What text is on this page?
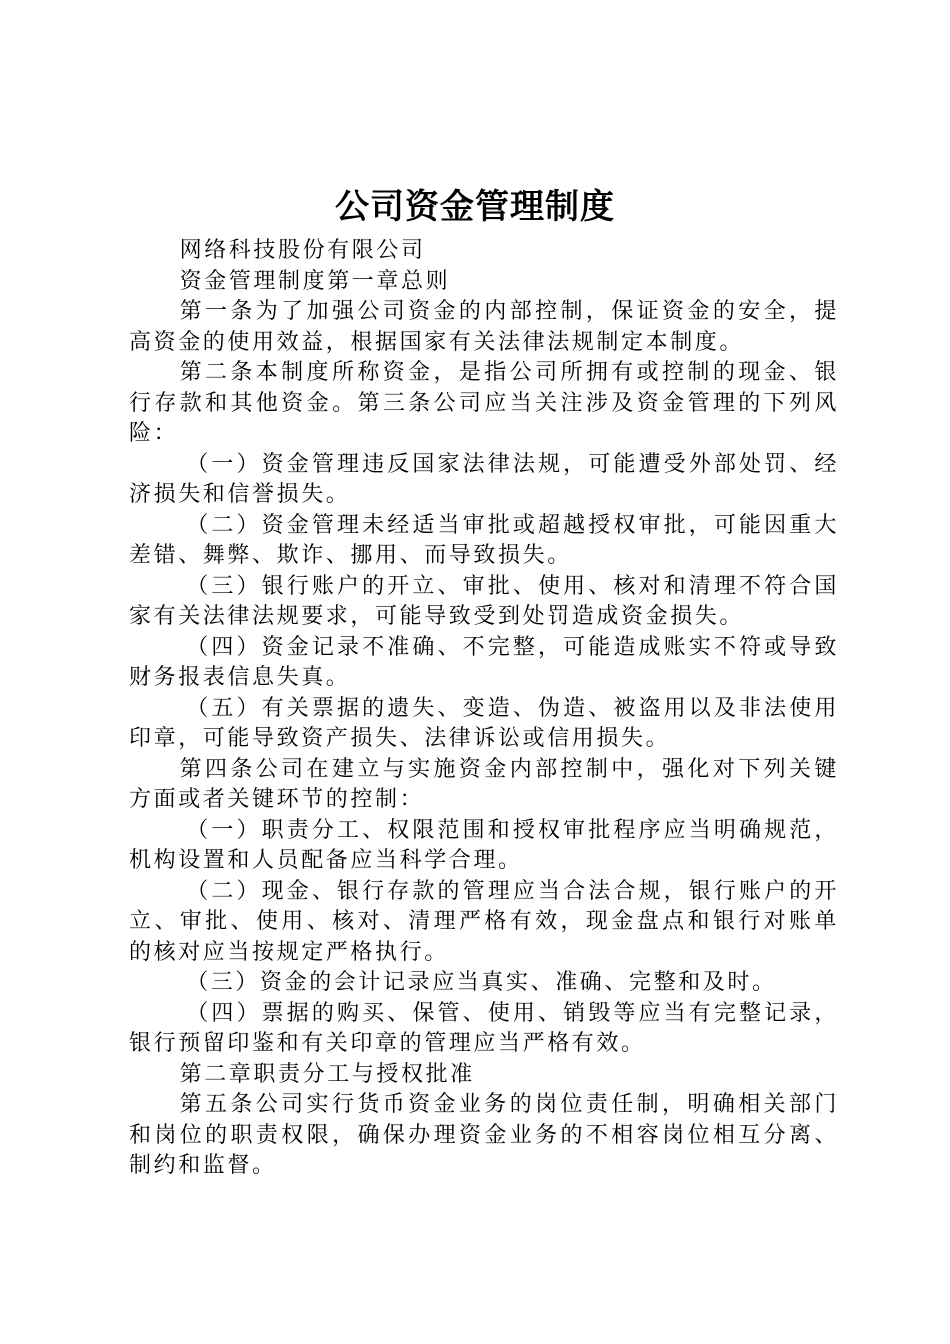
公司资金管理制度

网络科技股份有限公司

资金管理制度第一章总则

第一条为了加强公司资金的内部控制，保证资金的安全，提高资金的使用效益，根据国家有关法律法规制定本制度。

第二条本制度所称资金，是指公司所拥有或控制的现金、银行存款和其他资金。第三条公司应当关注涉及资金管理的下列风险：

（一）资金管理违反国家法律法规，可能遭受外部处罚、经济损失和信誉损失。

（二）资金管理未经适当审批或超越授权审批，可能因重大差错、舞弊、欺诈、挪用、而导致损失。

（三）银行账户的开立、审批、使用、核对和清理不符合国家有关法律法规要求，可能导致受到处罚造成资金损失。

（四）资金记录不准确、不完整，可能造成账实不符或导致财务报表信息失真。

（五）有关票据的遗失、变造、伪造、被盗用以及非法使用印章，可能导致资产损失、法律诉讼或信用损失。

第四条公司在建立与实施资金内部控制中，强化对下列关键方面或者关键环节的控制：

（一）职责分工、权限范围和授权审批程序应当明确规范，机构设置和人员配备应当科学合理。

（二）现金、银行存款的管理应当合法合规，银行账户的开立、审批、使用、核对、清理严格有效，现金盘点和银行对账单的核对应当按规定严格执行。

（三）资金的会计记录应当真实、准确、完整和及时。

（四）票据的购买、保管、使用、销毁等应当有完整记录，银行预留印鉴和有关印章的管理应当严格有效。

第二章职责分工与授权批准

第五条公司实行货币资金业务的岗位责任制，明确相关部门和岗位的职责权限，确保办理资金业务的不相容岗位相互分离、制约和监督。
